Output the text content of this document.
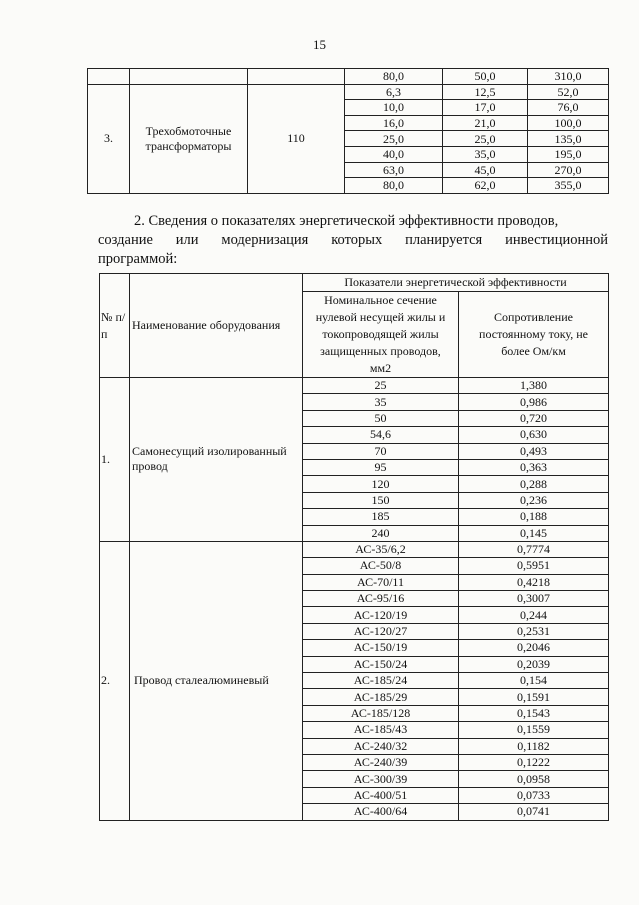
15
			80,0	50,0	310,0
3.	Трехобмоточные трансформаторы	110	6,3	12,5	52,0
			10,0	17,0	76,0
			16,0	21,0	100,0
			25,0	25,0	135,0
			40,0	35,0	195,0
			63,0	45,0	270,0
			80,0	62,0	355,0
2. Сведения о показателях энергетической эффективности проводов,
создание или модернизация которых планируется инвестиционной
программой:
№ п/п	Наименование оборудования	Показатели энергетической эффективности	
		Номинальное сечение нулевой несущей жилы и токопроводящей жилы защищенных проводов, мм2	Сопротивление постоянному току, не более Ом/км
1.	Самонесущий изолированный провод	25	1,380
		35	0,986
		50	0,720
		54,6	0,630
		70	0,493
		95	0,363
		120	0,288
		150	0,236
		185	0,188
		240	0,145
2.	Провод сталеалюминевый	АС-35/6,2	0,7774
		АС-50/8	0,5951
		АС-70/11	0,4218
		АС-95/16	0,3007
		АС-120/19	0,244
		АС-120/27	0,2531
		АС-150/19	0,2046
		АС-150/24	0,2039
		АС-185/24	0,154
		АС-185/29	0,1591
		АС-185/128	0,1543
		АС-185/43	0,1559
		АС-240/32	0,1182
		АС-240/39	0,1222
		АС-300/39	0,0958
		АС-400/51	0,0733
		АС-400/64	0,0741
